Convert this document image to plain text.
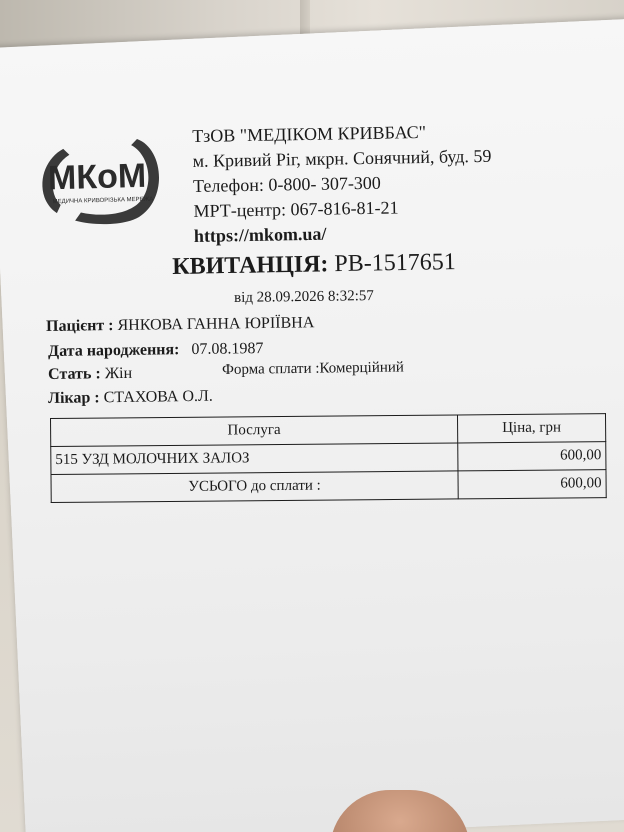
МКоМ
МЕДИЧНА КРИВОРІЗЬКА МЕРЕЖА
ТзОВ "МЕДІКОМ КРИВБАС"
м. Кривий Ріг, мкрн. Сонячний, буд. 59
Телефон: 0-800- 307-300
МРТ-центр: 067-816-81-21
https://mkom.ua/
КВИТАНЦІЯ: РВ-1517651
від 28.09.2026 8:32:57
Пацієнт : ЯНКОВА ГАННА ЮРІЇВНА
Дата народження: 07.08.1987
Стать : Жін	Форма сплати :Комерційний
Лікар : СТАХОВА О.Л.
Послуга	Ціна, грн
515 УЗД МОЛОЧНИХ ЗАЛОЗ	600,00
УСЬОГО до сплати :	600,00
